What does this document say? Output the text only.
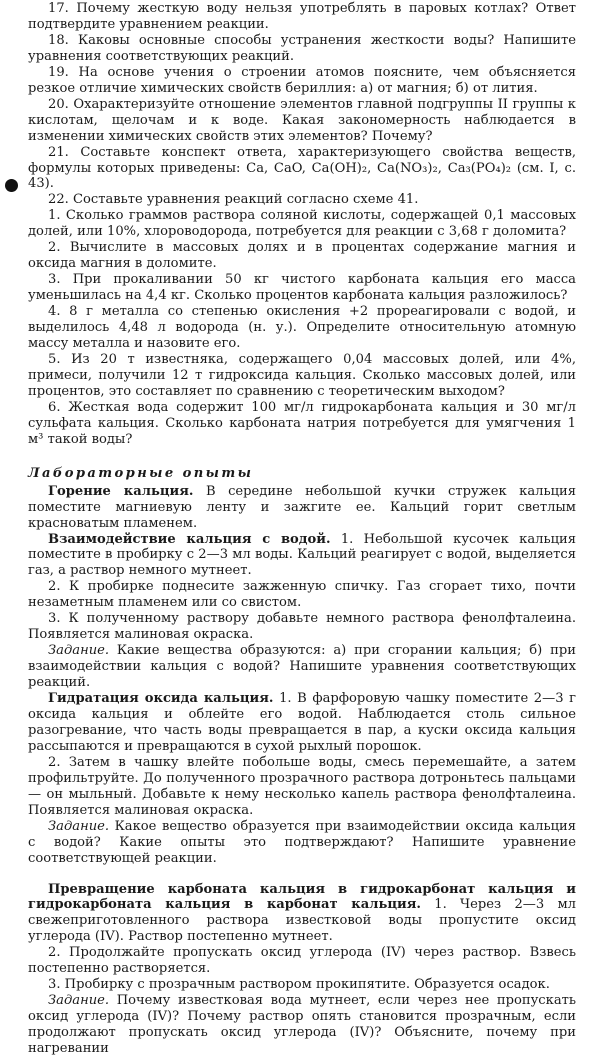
17. Почему жесткую воду нельзя употреблять в паровых котлах? Ответ подтвердите уравнением реакции.

18. Каковы основные способы устранения жесткости воды? Напишите уравнения соответствующих реакций.

19. На основе учения о строении атомов поясните, чем объясняется резкое отличие химических свойств бериллия: а) от магния; б) от лития.

20. Охарактеризуйте отношение элементов главной подгруппы II группы к кислотам, щелочам и к воде. Какая закономерность наблюдается в изменении химических свойств этих элементов? Почему?

21. Составьте конспект ответа, характеризующего свойства веществ, формулы которых приведены: Ca, CaO, Ca(OH)₂, Ca(NO₃)₂, Ca₃(PO₄)₂ (см. I, с. 43).

22. Составьте уравнения реакций согласно схеме 41.

1. Сколько граммов раствора соляной кислоты, содержащей 0,1 массовых долей, или 10%, хлороводорода, потребуется для реакции с 3,68 г доломита?

2. Вычислите в массовых долях и в процентах содержание магния и оксида магния в доломите.

3. При прокаливании 50 кг чистого карбоната кальция его масса уменьшилась на 4,4 кг. Сколько процентов карбоната кальция разложилось?

4. 8 г металла со степенью окисления +2 прореагировали с водой, и выделилось 4,48 л водорода (н. у.). Определите относительную атомную массу металла и назовите его.

5. Из 20 т известняка, содержащего 0,04 массовых долей, или 4%, примеси, получили 12 т гидроксида кальция. Сколько массовых долей, или процентов, это составляет по сравнению с теоретическим выходом?

6. Жесткая вода содержит 100 мг/л гидрокарбоната кальция и 30 мг/л сульфата кальция. Сколько карбоната натрия потребуется для умягчения 1 м³ такой воды?

Лабораторные опыты

Горение кальция. В середине небольшой кучки стружек кальция поместите магниевую ленту и зажгите ее. Кальций горит светлым красноватым пламенем.

Взаимодействие кальция с водой. 1. Небольшой кусочек кальция поместите в пробирку с 2—3 мл воды. Кальций реагирует с водой, выделяется газ, а раствор немного мутнеет.

2. К пробирке поднесите зажженную спичку. Газ сгорает тихо, почти незаметным пламенем или со свистом.

3. К полученному раствору добавьте немного раствора фенолфталеина. Появляется малиновая окраска.

Задание. Какие вещества образуются: а) при сгорании кальция; б) при взаимодействии кальция с водой? Напишите уравнения соответствующих реакций.

Гидратация оксида кальция. 1. В фарфоровую чашку поместите 2—3 г оксида кальция и облейте его водой. Наблюдается столь сильное разогревание, что часть воды превращается в пар, а куски оксида кальция рассыпаются и превращаются в сухой рыхлый порошок.

2. Затем в чашку влейте побольше воды, смесь перемешайте, а затем профильтруйте. До полученного прозрачного раствора дотроньтесь пальцами — он мыльный. Добавьте к нему несколько капель раствора фенолфталеина. Появляется малиновая окраска.

Задание. Какое вещество образуется при взаимодействии оксида кальция с водой? Какие опыты это подтверждают? Напишите уравнение соответствующей реакции.

Превращение карбоната кальция в гидрокарбонат кальция и гидрокарбоната кальция в карбонат кальция. 1. Через 2—3 мл свежеприготовленного раствора известковой воды пропустите оксид углерода (IV). Раствор постепенно мутнеет.

2. Продолжайте пропускать оксид углерода (IV) через раствор. Взвесь постепенно растворяется.

3. Пробирку с прозрачным раствором прокипятите. Образуется осадок.

Задание. Почему известковая вода мутнеет, если через нее пропускать оксид углерода (IV)? Почему раствор опять становится прозрачным, если продолжают пропускать оксид углерода (IV)? Объясните, почему при нагревании
